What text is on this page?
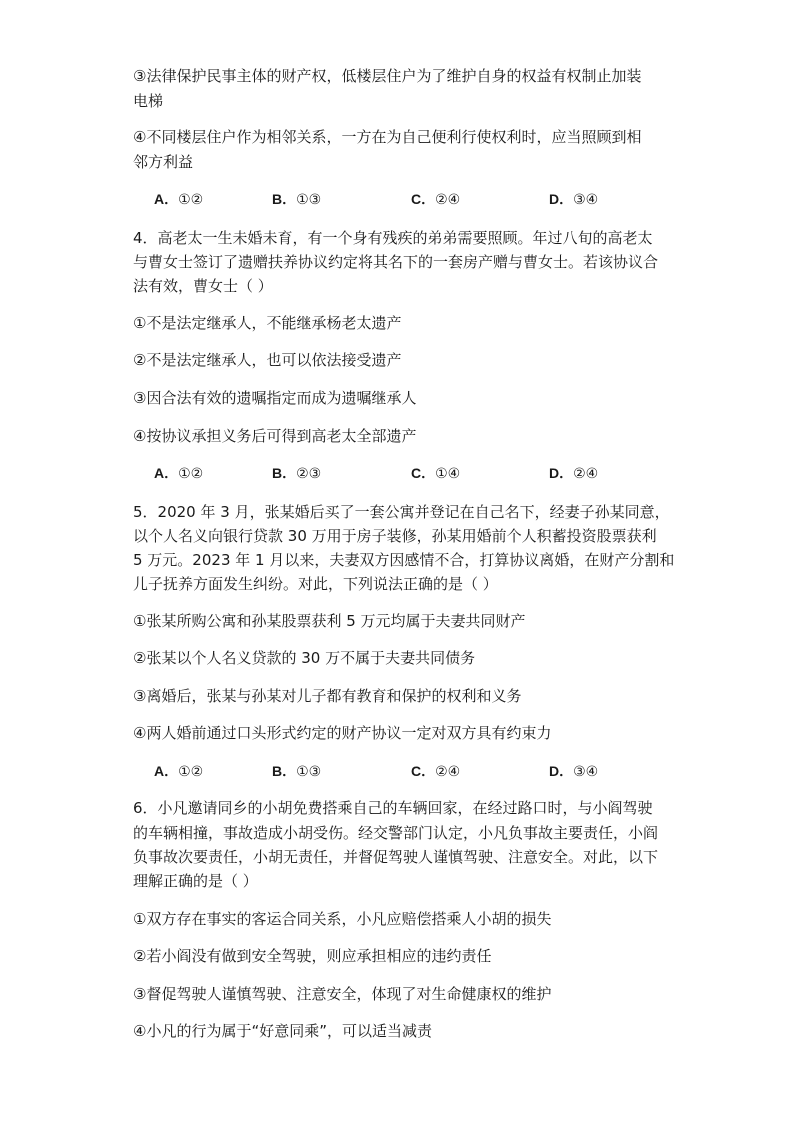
③法律保护民事主体的财产权，低楼层住户为了维护自身的权益有权制止加装
电梯
④不同楼层住户作为相邻关系，一方在为自己便利行使权利时，应当照顾到相
邻方利益
A．①②	B．①③	C．②④	D．③④
4．高老太一生未婚未育，有一个身有残疾的弟弟需要照顾。年过八旬的高老太
与曹女士签订了遗赠扶养协议约定将其名下的一套房产赠与曹女士。若该协议合
法有效，曹女士（ ）
①不是法定继承人，不能继承杨老太遗产
②不是法定继承人，也可以依法接受遗产
③因合法有效的遗嘱指定而成为遗嘱继承人
④按协议承担义务后可得到高老太全部遗产
A．①②	B．②③	C．①④	D．②④
5．2020 年 3 月，张某婚后买了一套公寓并登记在自己名下，经妻子孙某同意，
以个人名义向银行贷款 30 万用于房子装修，孙某用婚前个人积蓄投资股票获利
5 万元。2023 年 1 月以来，夫妻双方因感情不合，打算协议离婚，在财产分割和
儿子抚养方面发生纠纷。对此，下列说法正确的是（ ）
①张某所购公寓和孙某股票获利 5 万元均属于夫妻共同财产
②张某以个人名义贷款的 30 万不属于夫妻共同债务
③离婚后，张某与孙某对儿子都有教育和保护的权利和义务
④两人婚前通过口头形式约定的财产协议一定对双方具有约束力
A．①②	B．①③	C．②④	D．③④
6．小凡邀请同乡的小胡免费搭乘自己的车辆回家，在经过路口时，与小阎驾驶
的车辆相撞，事故造成小胡受伤。经交警部门认定，小凡负事故主要责任，小阎
负事故次要责任，小胡无责任，并督促驾驶人谨慎驾驶、注意安全。对此，以下
理解正确的是（ ）
①双方存在事实的客运合同关系，小凡应赔偿搭乘人小胡的损失
②若小阎没有做到安全驾驶，则应承担相应的违约责任
③督促驾驶人谨慎驾驶、注意安全，体现了对生命健康权的维护
④小凡的行为属于“好意同乘”，可以适当减责
